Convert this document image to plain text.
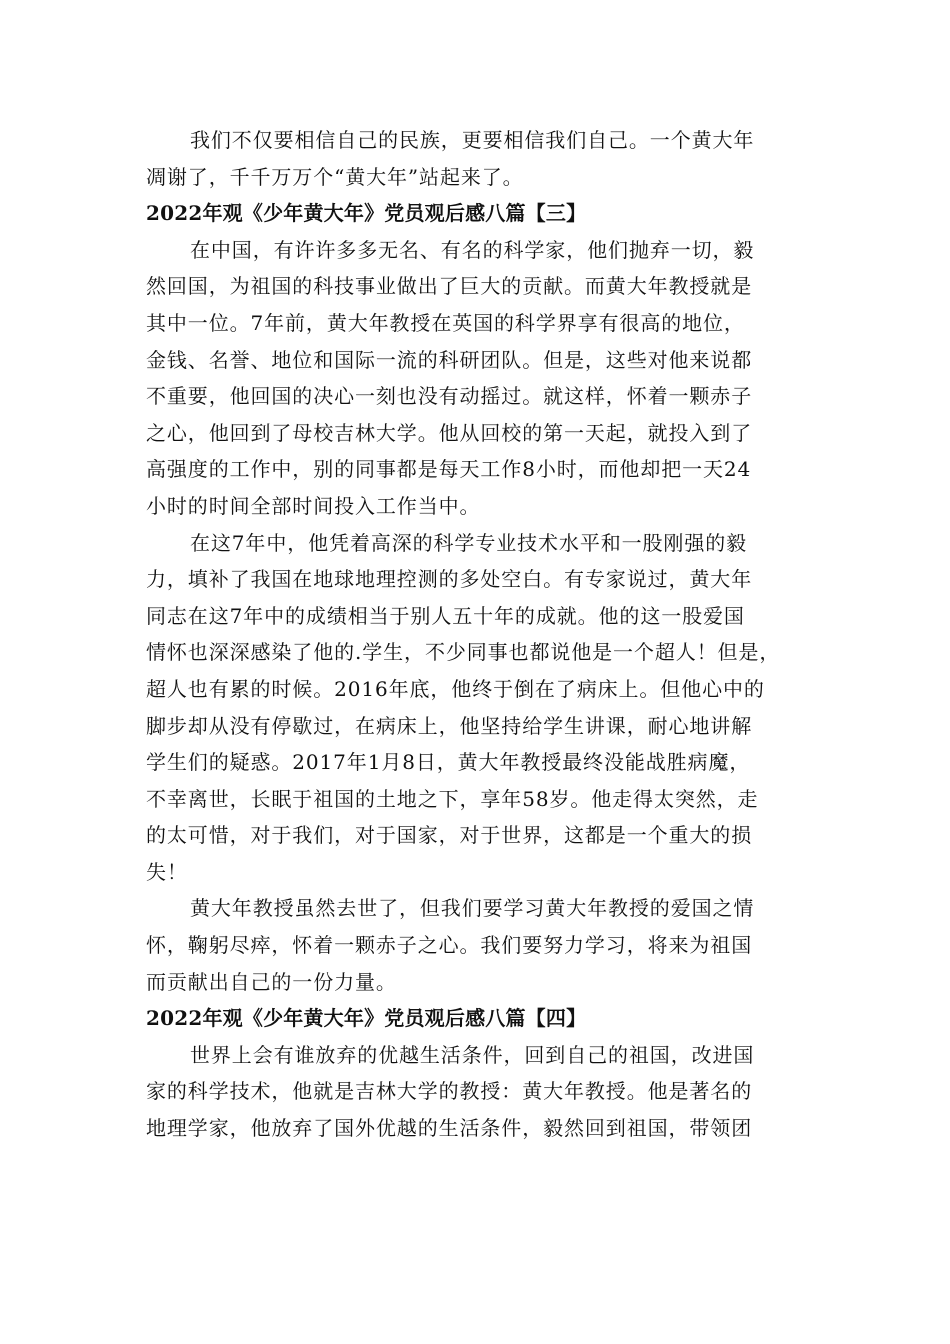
我们不仅要相信自己的民族，更要相信我们自己。一个黄大年
凋谢了，千千万万个“黄大年”站起来了。
2022年观《少年黄大年》党员观后感八篇【三】
在中国，有许许多多无名、有名的科学家，他们抛弃一切，毅
然回国，为祖国的科技事业做出了巨大的贡献。而黄大年教授就是
其中一位。7年前，黄大年教授在英国的科学界享有很高的地位，
金钱、名誉、地位和国际一流的科研团队。但是，这些对他来说都
不重要，他回国的决心一刻也没有动摇过。就这样，怀着一颗赤子
之心，他回到了母校吉林大学。他从回校的第一天起，就投入到了
高强度的工作中，别的同事都是每天工作8小时，而他却把一天24
小时的时间全部时间投入工作当中。
在这7年中，他凭着高深的科学专业技术水平和一股刚强的毅
力，填补了我国在地球地理控测的多处空白。有专家说过，黄大年
同志在这7年中的成绩相当于别人五十年的成就。他的这一股爱国
情怀也深深感染了他的.学生，不少同事也都说他是一个超人！但是，
超人也有累的时候。2016年底，他终于倒在了病床上。但他心中的
脚步却从没有停歇过，在病床上，他坚持给学生讲课，耐心地讲解
学生们的疑惑。2017年1月8日，黄大年教授最终没能战胜病魔，
不幸离世，长眠于祖国的土地之下，享年58岁。他走得太突然，走
的太可惜，对于我们，对于国家，对于世界，这都是一个重大的损
失！
黄大年教授虽然去世了，但我们要学习黄大年教授的爱国之情
怀，鞠躬尽瘁，怀着一颗赤子之心。我们要努力学习，将来为祖国
而贡献出自己的一份力量。
2022年观《少年黄大年》党员观后感八篇【四】
世界上会有谁放弃的优越生活条件，回到自己的祖国，改进国
家的科学技术，他就是吉林大学的教授：黄大年教授。他是著名的
地理学家，他放弃了国外优越的生活条件，毅然回到祖国，带领团
